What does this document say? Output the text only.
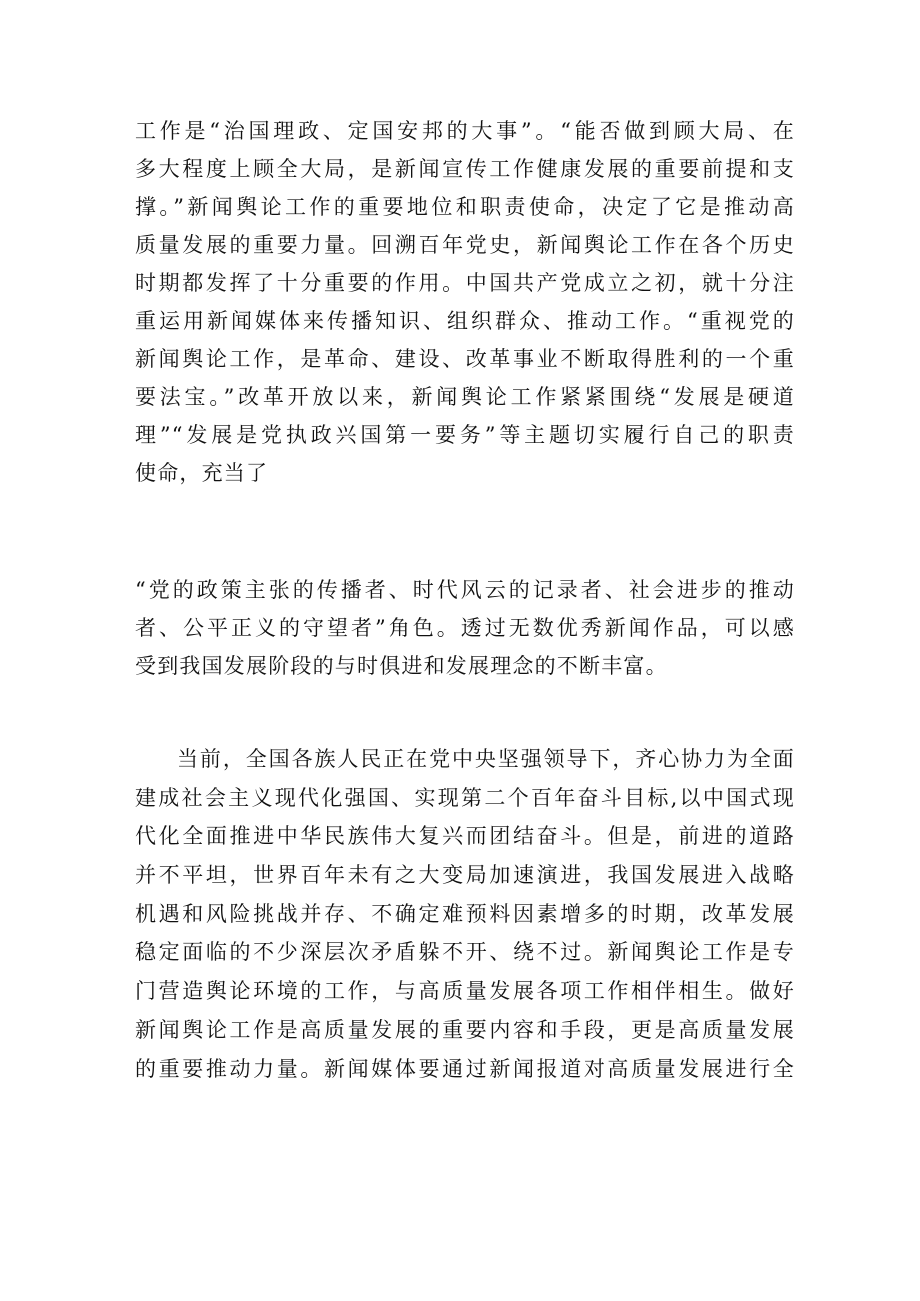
工作是“治国理政、定国安邦的大事”。“能否做到顾大局、在
多大程度上顾全大局，是新闻宣传工作健康发展的重要前提和支
撑。”新闻舆论工作的重要地位和职责使命，决定了它是推动高
质量发展的重要力量。回溯百年党史，新闻舆论工作在各个历史
时期都发挥了十分重要的作用。中国共产党成立之初，就十分注
重运用新闻媒体来传播知识、组织群众、推动工作。“重视党的
新闻舆论工作，是革命、建设、改革事业不断取得胜利的一个重
要法宝。”改革开放以来，新闻舆论工作紧紧围绕“发展是硬道
理”“发展是党执政兴国第一要务”等主题切实履行自己的职责
使命，充当了
“党的政策主张的传播者、时代风云的记录者、社会进步的推动
者、公平正义的守望者”角色。透过无数优秀新闻作品，可以感
受到我国发展阶段的与时俱进和发展理念的不断丰富。
当前，全国各族人民正在党中央坚强领导下，齐心协力为全面
建成社会主义现代化强国、实现第二个百年奋斗目标,以中国式现
代化全面推进中华民族伟大复兴而团结奋斗。但是，前进的道路
并不平坦，世界百年未有之大变局加速演进，我国发展进入战略
机遇和风险挑战并存、不确定难预料因素增多的时期，改革发展
稳定面临的不少深层次矛盾躲不开、绕不过。新闻舆论工作是专
门营造舆论环境的工作，与高质量发展各项工作相伴相生。做好
新闻舆论工作是高质量发展的重要内容和手段，更是高质量发展
的重要推动力量。新闻媒体要通过新闻报道对高质量发展进行全
